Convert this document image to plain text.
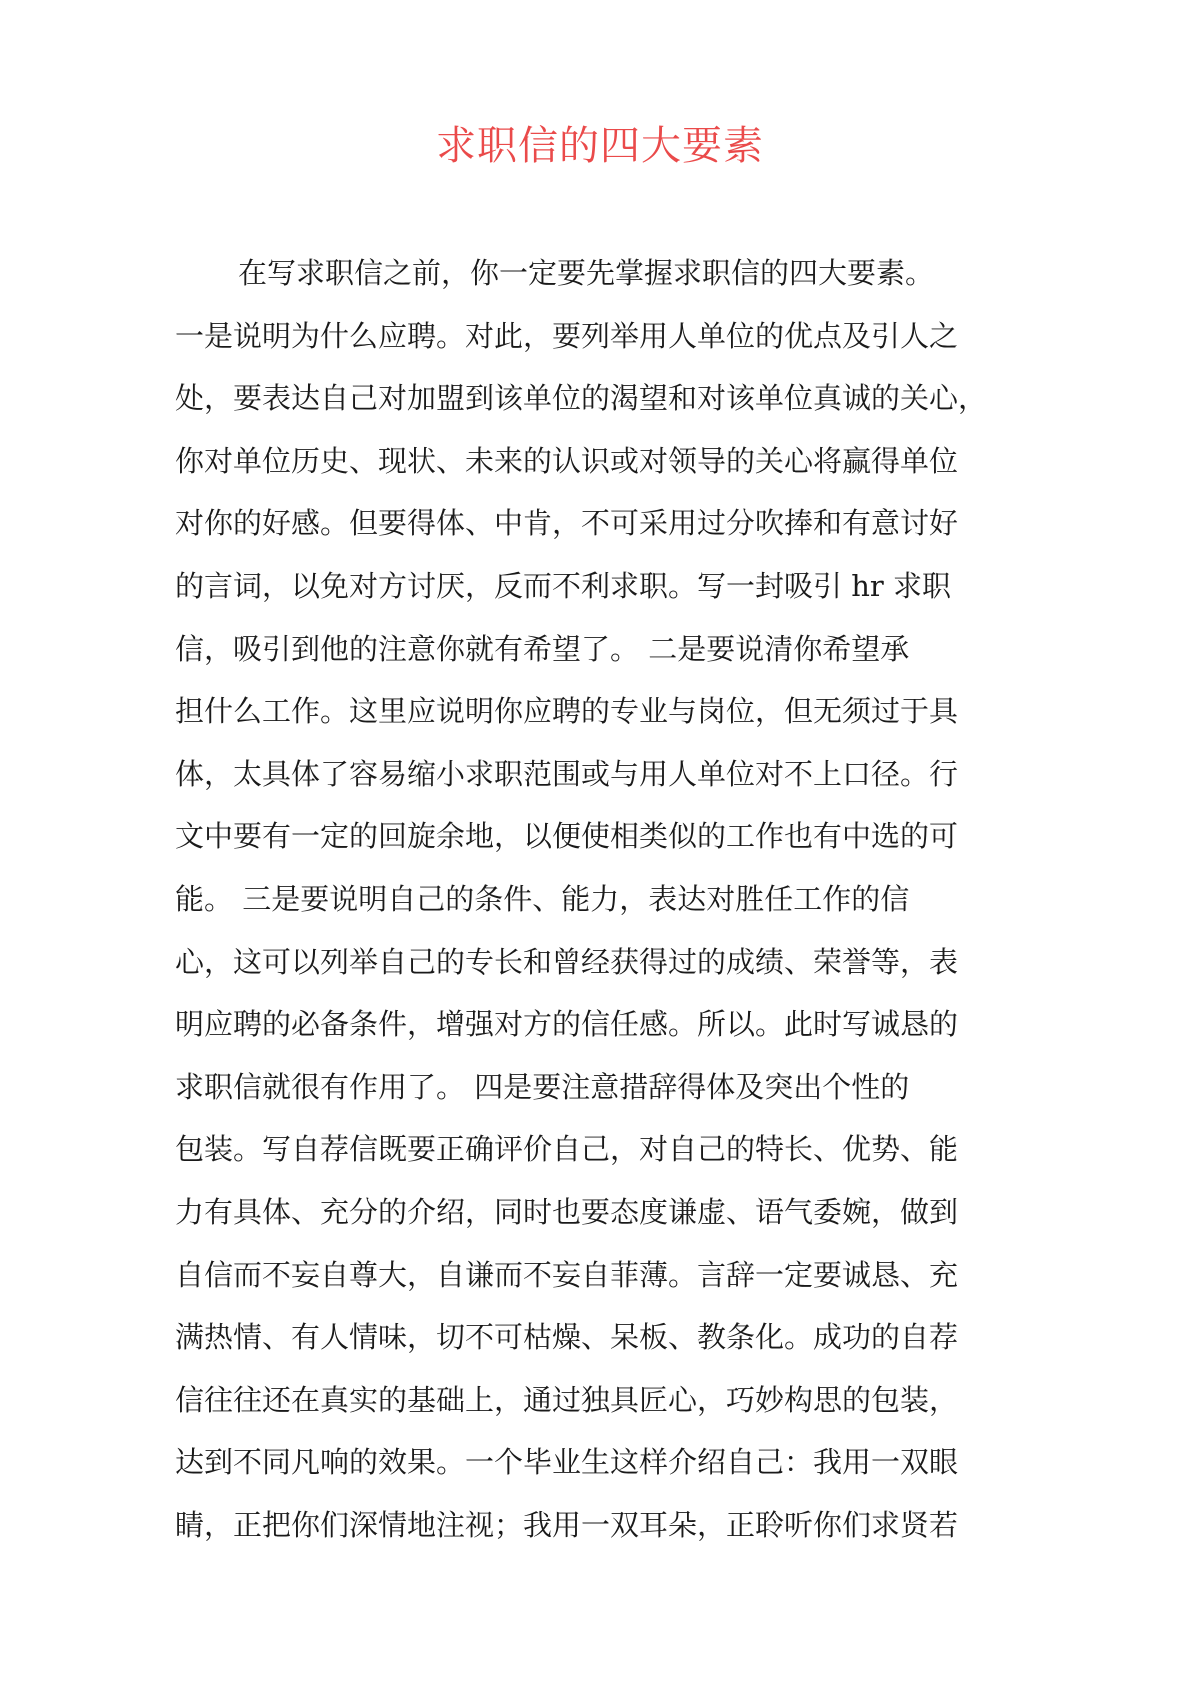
求职信的四大要素
在写求职信之前，你一定要先掌握求职信的四大要素。
一是说明为什么应聘。对此，要列举用人单位的优点及引人之
处，要表达自己对加盟到该单位的渴望和对该单位真诚的关心，
你对单位历史、现状、未来的认识或对领导的关心将赢得单位
对你的好感。但要得体、中肯，不可采用过分吹捧和有意讨好
的言词，以免对方讨厌，反而不利求职。写一封吸引 hr 求职
信，吸引到他的注意你就有希望了。 二是要说清你希望承
担什么工作。这里应说明你应聘的专业与岗位，但无须过于具
体，太具体了容易缩小求职范围或与用人单位对不上口径。行
文中要有一定的回旋余地，以便使相类似的工作也有中选的可
能。 三是要说明自己的条件、能力，表达对胜任工作的信
心，这可以列举自己的专长和曾经获得过的成绩、荣誉等，表
明应聘的必备条件，增强对方的信任感。所以。此时写诚恳的
求职信就很有作用了。 四是要注意措辞得体及突出个性的
包装。写自荐信既要正确评价自己，对自己的特长、优势、能
力有具体、充分的介绍，同时也要态度谦虚、语气委婉，做到
自信而不妄自尊大，自谦而不妄自菲薄。言辞一定要诚恳、充
满热情、有人情味，切不可枯燥、呆板、教条化。成功的自荐
信往往还在真实的基础上，通过独具匠心，巧妙构思的包装，
达到不同凡响的效果。一个毕业生这样介绍自己：我用一双眼
睛，正把你们深情地注视；我用一双耳朵，正聆听你们求贤若
